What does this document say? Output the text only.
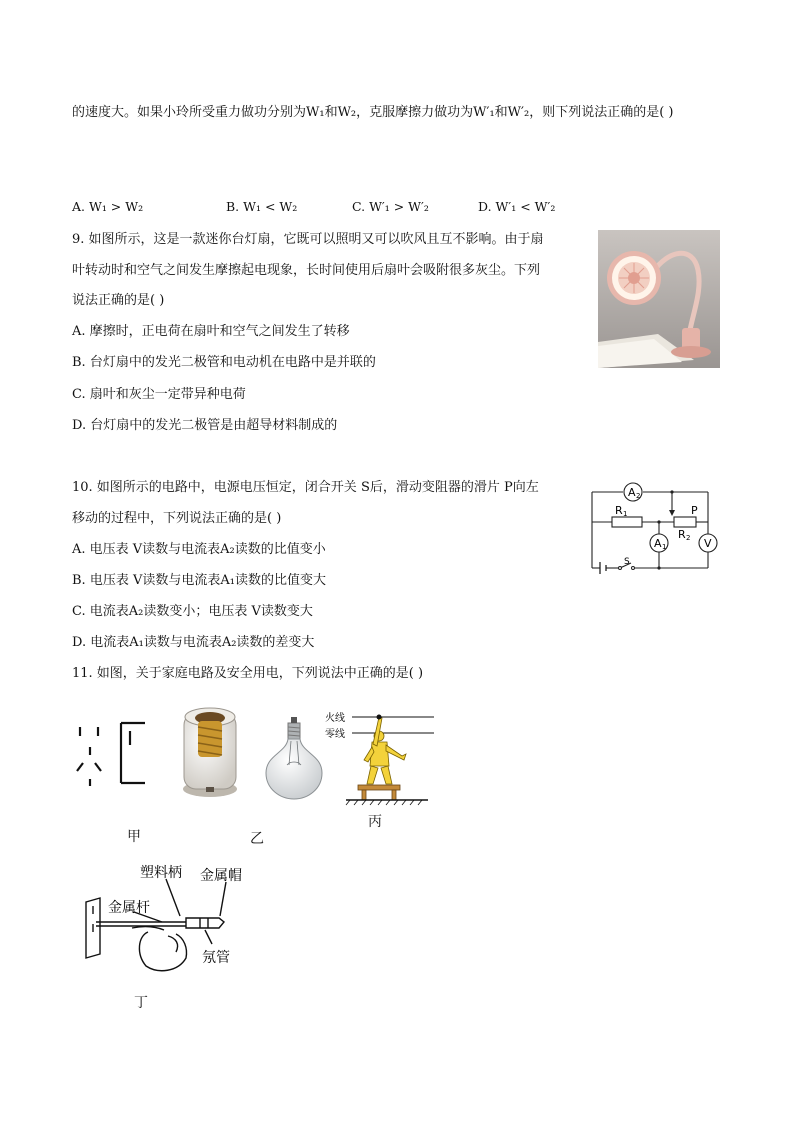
的速度大。如果小玲所受重力做功分别为W₁和W₂，克服摩擦力做功为W′₁和W′₂，则下列说法正确的是( )
A. W₁ > W₂	B. W₁ < W₂	C. W′₁ > W′₂	D. W′₁ < W′₂
9. 如图所示，这是一款迷你台灯扇，它既可以照明又可以吹风且互不影响。由于扇
叶转动时和空气之间发生摩擦起电现象，长时间使用后扇叶会吸附很多灰尘。下列
说法正确的是( )
A. 摩擦时，正电荷在扇叶和空气之间发生了转移
B. 台灯扇中的发光二极管和电动机在电路中是并联的
C. 扇叶和灰尘一定带异种电荷
D. 台灯扇中的发光二极管是由超导材料制成的
10. 如图所示的电路中，电源电压恒定，闭合开关 S后，滑动变阻器的滑片 P向左
移动的过程中，下列说法正确的是( )
A. 电压表 V读数与电流表A₂读数的比值变小
B. 电压表 V读数与电流表A₁读数的比值变大
C. 电流表A₂读数变小；电压表 V读数变大
D. 电流表A₁读数与电流表A₂读数的差变大
A 2
A 1	V
R 1
R 2
P
S
11. 如图，关于家庭电路及安全用电，下列说法中正确的是( )
甲	乙
火线
零线
丙
塑料柄 金属帽
金属杆
氖管
丁
